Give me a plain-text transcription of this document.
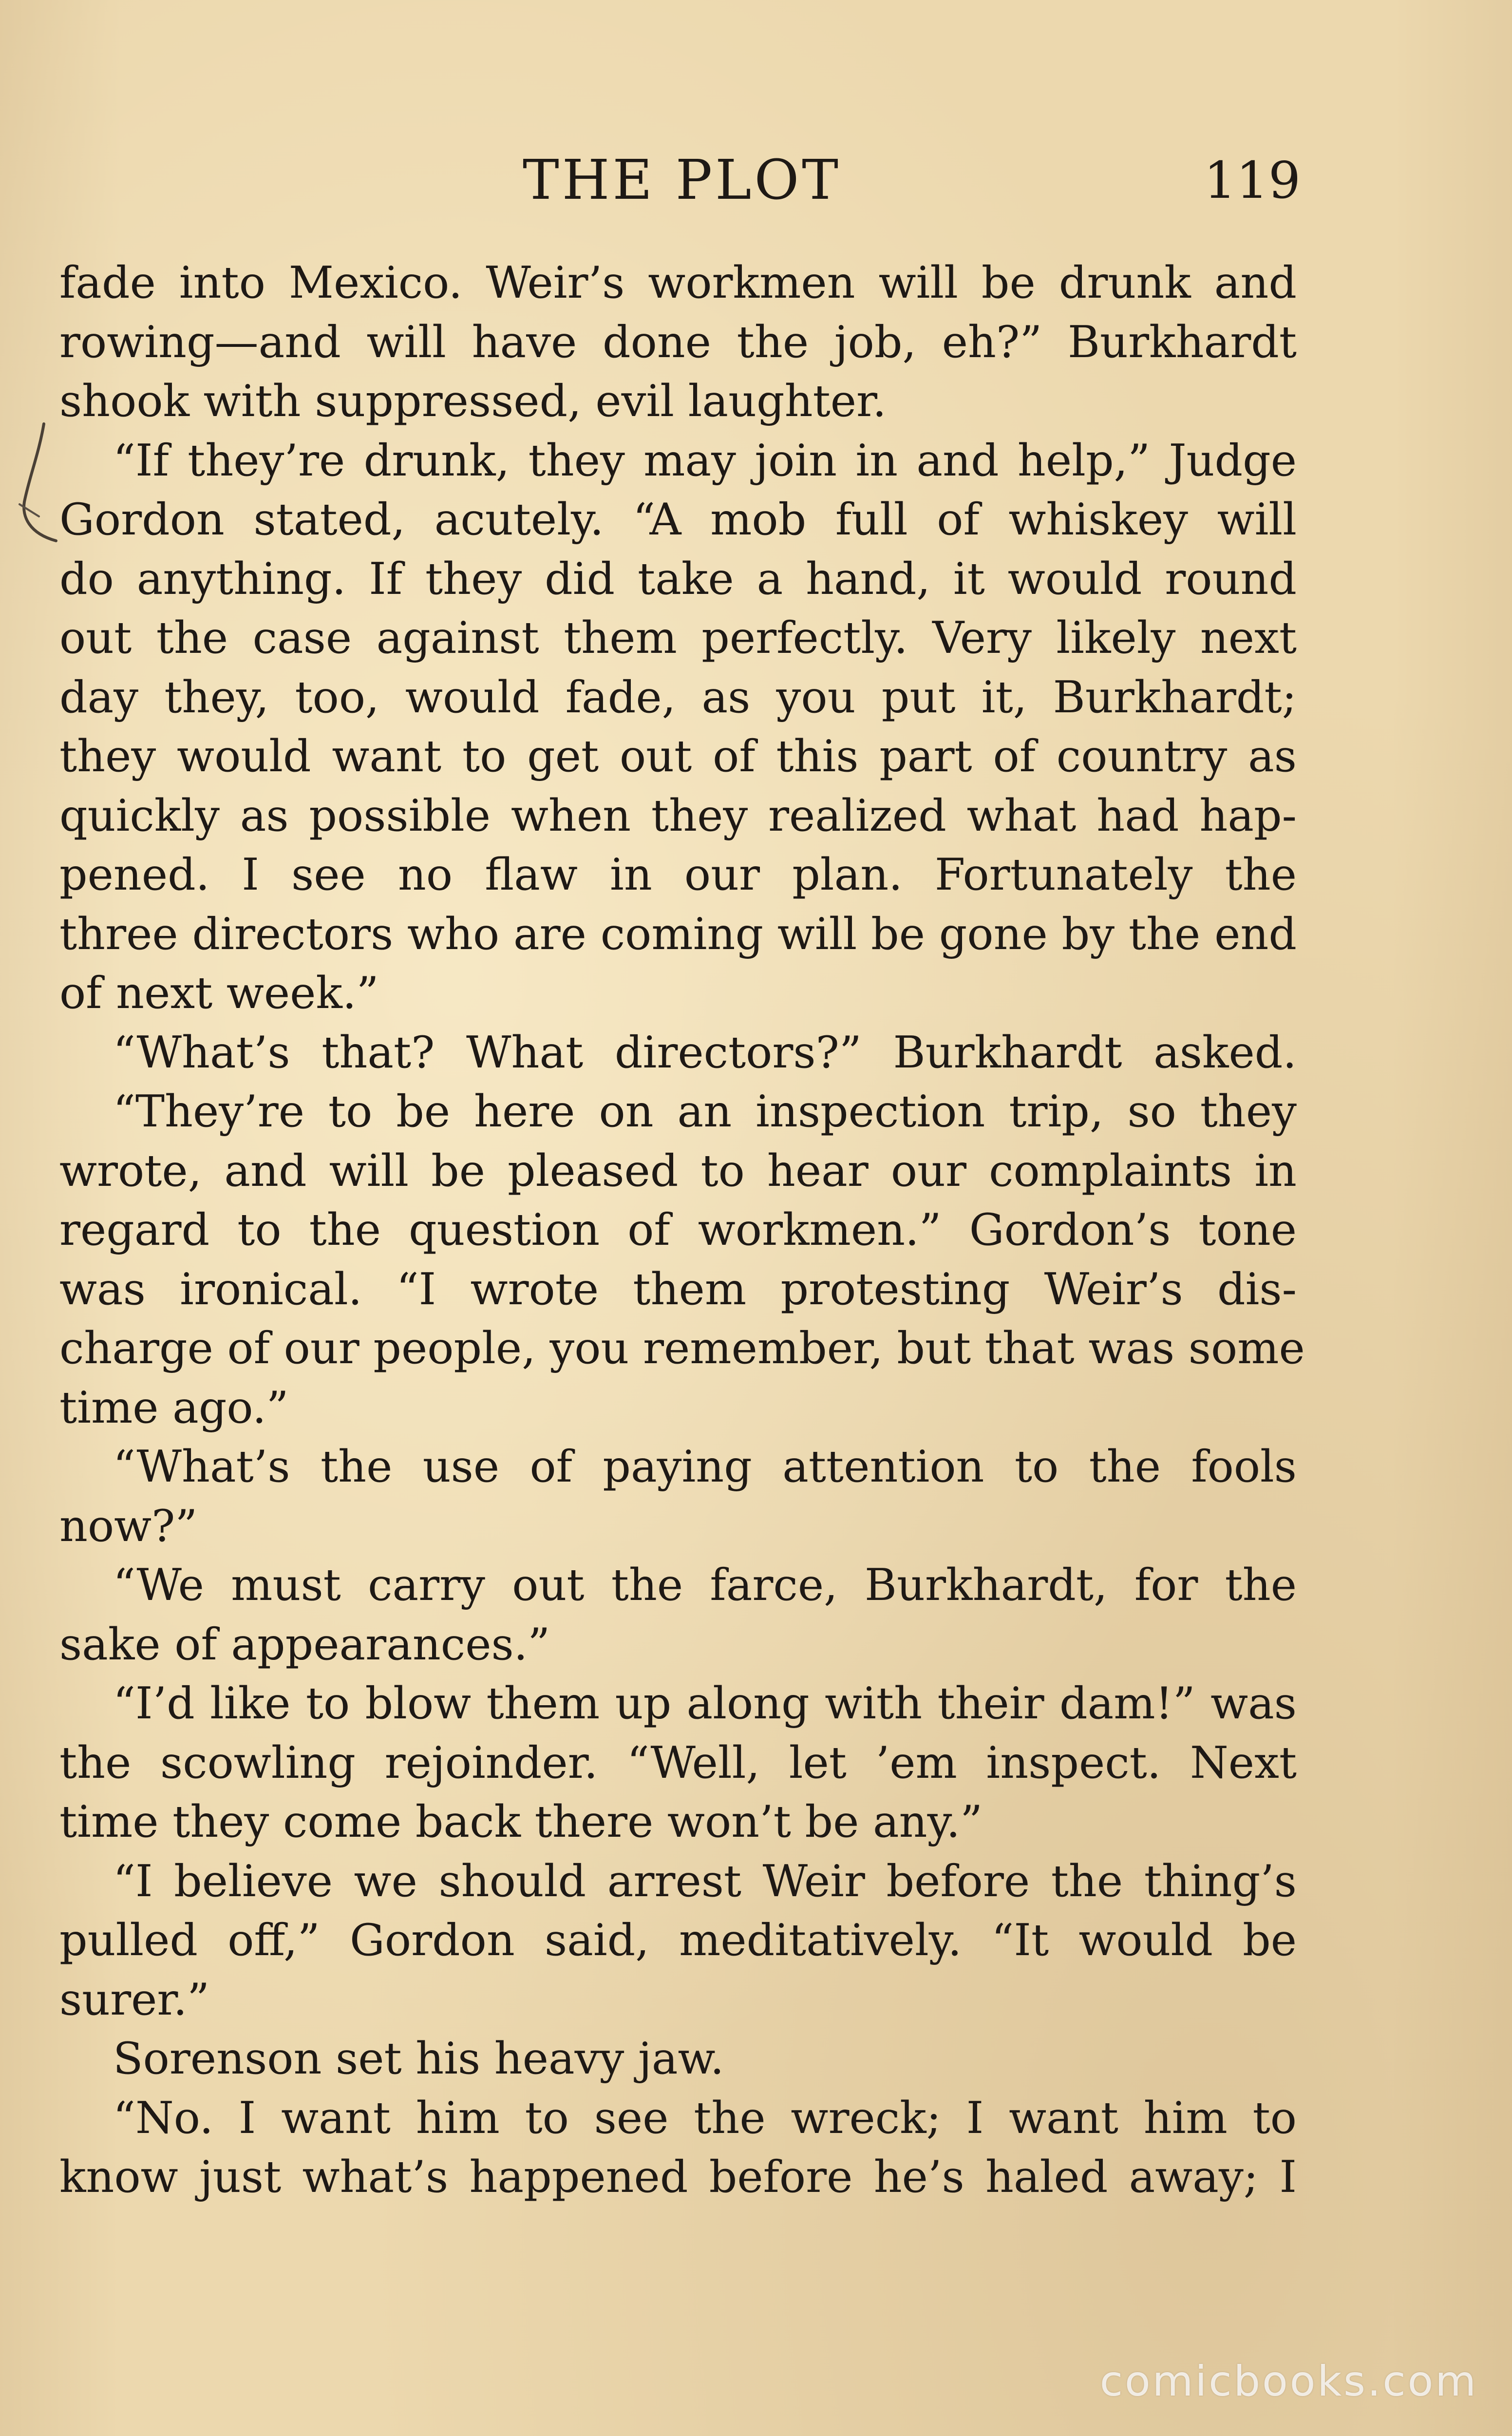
THE PLOT	119
fade into Mexico. Weir’s workmen will be drunk and
rowing—and will have done the job, eh?” Burkhardt
shook with suppressed, evil laughter.
“If they’re drunk, they may join in and help,” Judge
Gordon stated, acutely. “A mob full of whiskey will
do anything. If they did take a hand, it would round
out the case against them perfectly. Very likely next
day they, too, would fade, as you put it, Burkhardt;
they would want to get out of this part of country as
quickly as possible when they realized what had hap-
pened. I see no flaw in our plan. Fortunately the
three directors who are coming will be gone by the end
of next week.”
“What’s that? What directors?” Burkhardt asked.
“They’re to be here on an inspection trip, so they
wrote, and will be pleased to hear our complaints in
regard to the question of workmen.” Gordon’s tone
was ironical. “I wrote them protesting Weir’s dis-
charge of our people, you remember, but that was some
time ago.”
“What’s the use of paying attention to the fools
now?”
“We must carry out the farce, Burkhardt, for the
sake of appearances.”
“I’d like to blow them up along with their dam!” was
the scowling rejoinder. “Well, let ’em inspect. Next
time they come back there won’t be any.”
“I believe we should arrest Weir before the thing’s
pulled off,” Gordon said, meditatively. “It would be
surer.”
Sorenson set his heavy jaw.
“No. I want him to see the wreck; I want him to
know just what’s happened before he’s haled away; I
comicbooks.com
